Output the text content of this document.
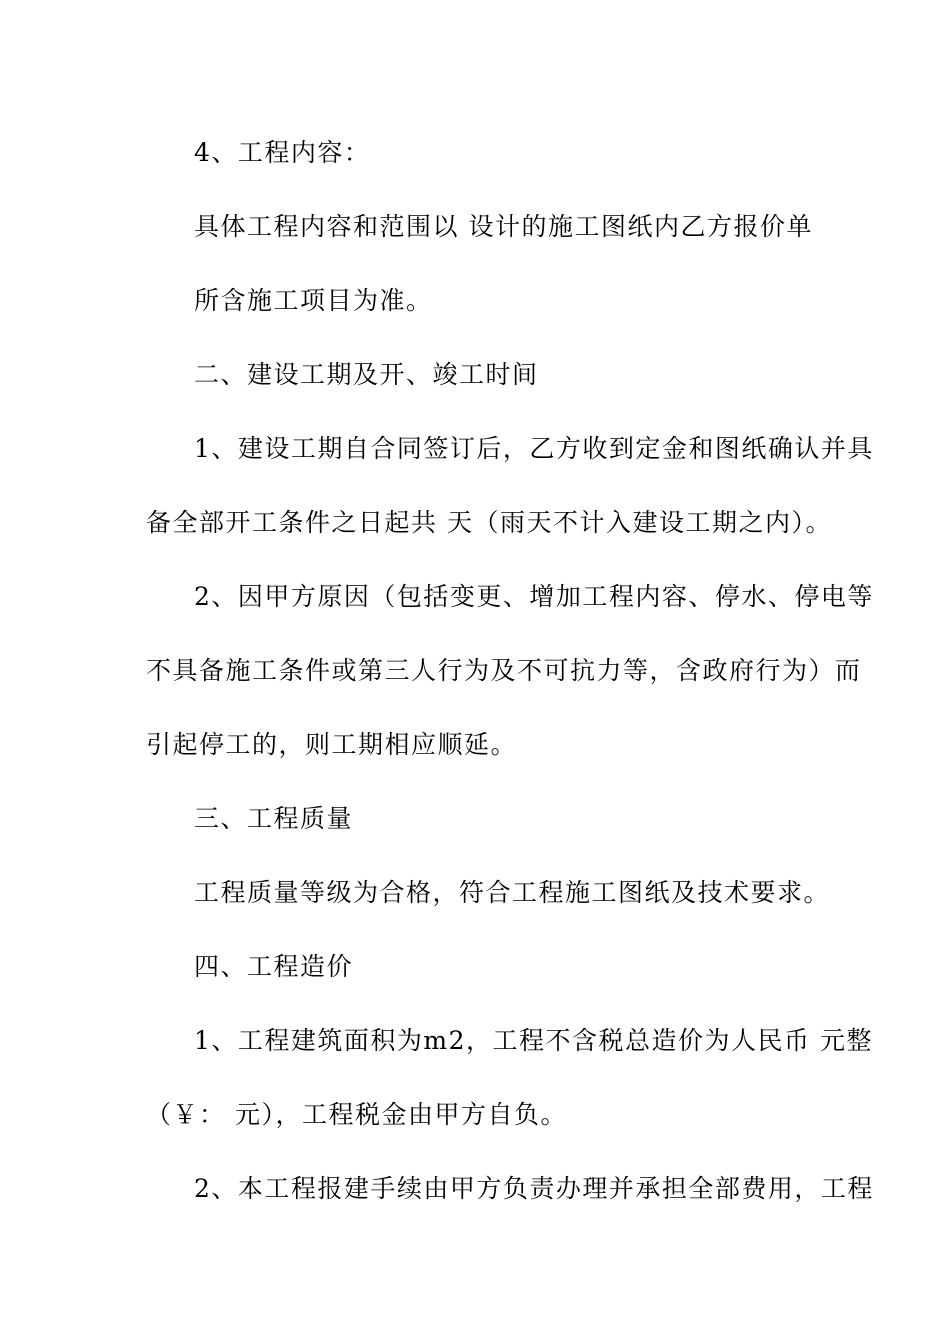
4、工程内容：

具体工程内容和范围以 设计的施工图纸内乙方报价单

所含施工项目为准。

二、建设工期及开、竣工时间

1、建设工期自合同签订后，乙方收到定金和图纸确认并具

备全部开工条件之日起共 天（雨天不计入建设工期之内）。

2、因甲方原因（包括变更、增加工程内容、停水、停电等

不具备施工条件或第三人行为及不可抗力等，含政府行为）而

引起停工的，则工期相应顺延。

三、工程质量

工程质量等级为合格，符合工程施工图纸及技术要求。

四、工程造价

1、工程建筑面积为m2，工程不含税总造价为人民币 元整

（￥： 元），工程税金由甲方自负。

2、本工程报建手续由甲方负责办理并承担全部费用，工程
